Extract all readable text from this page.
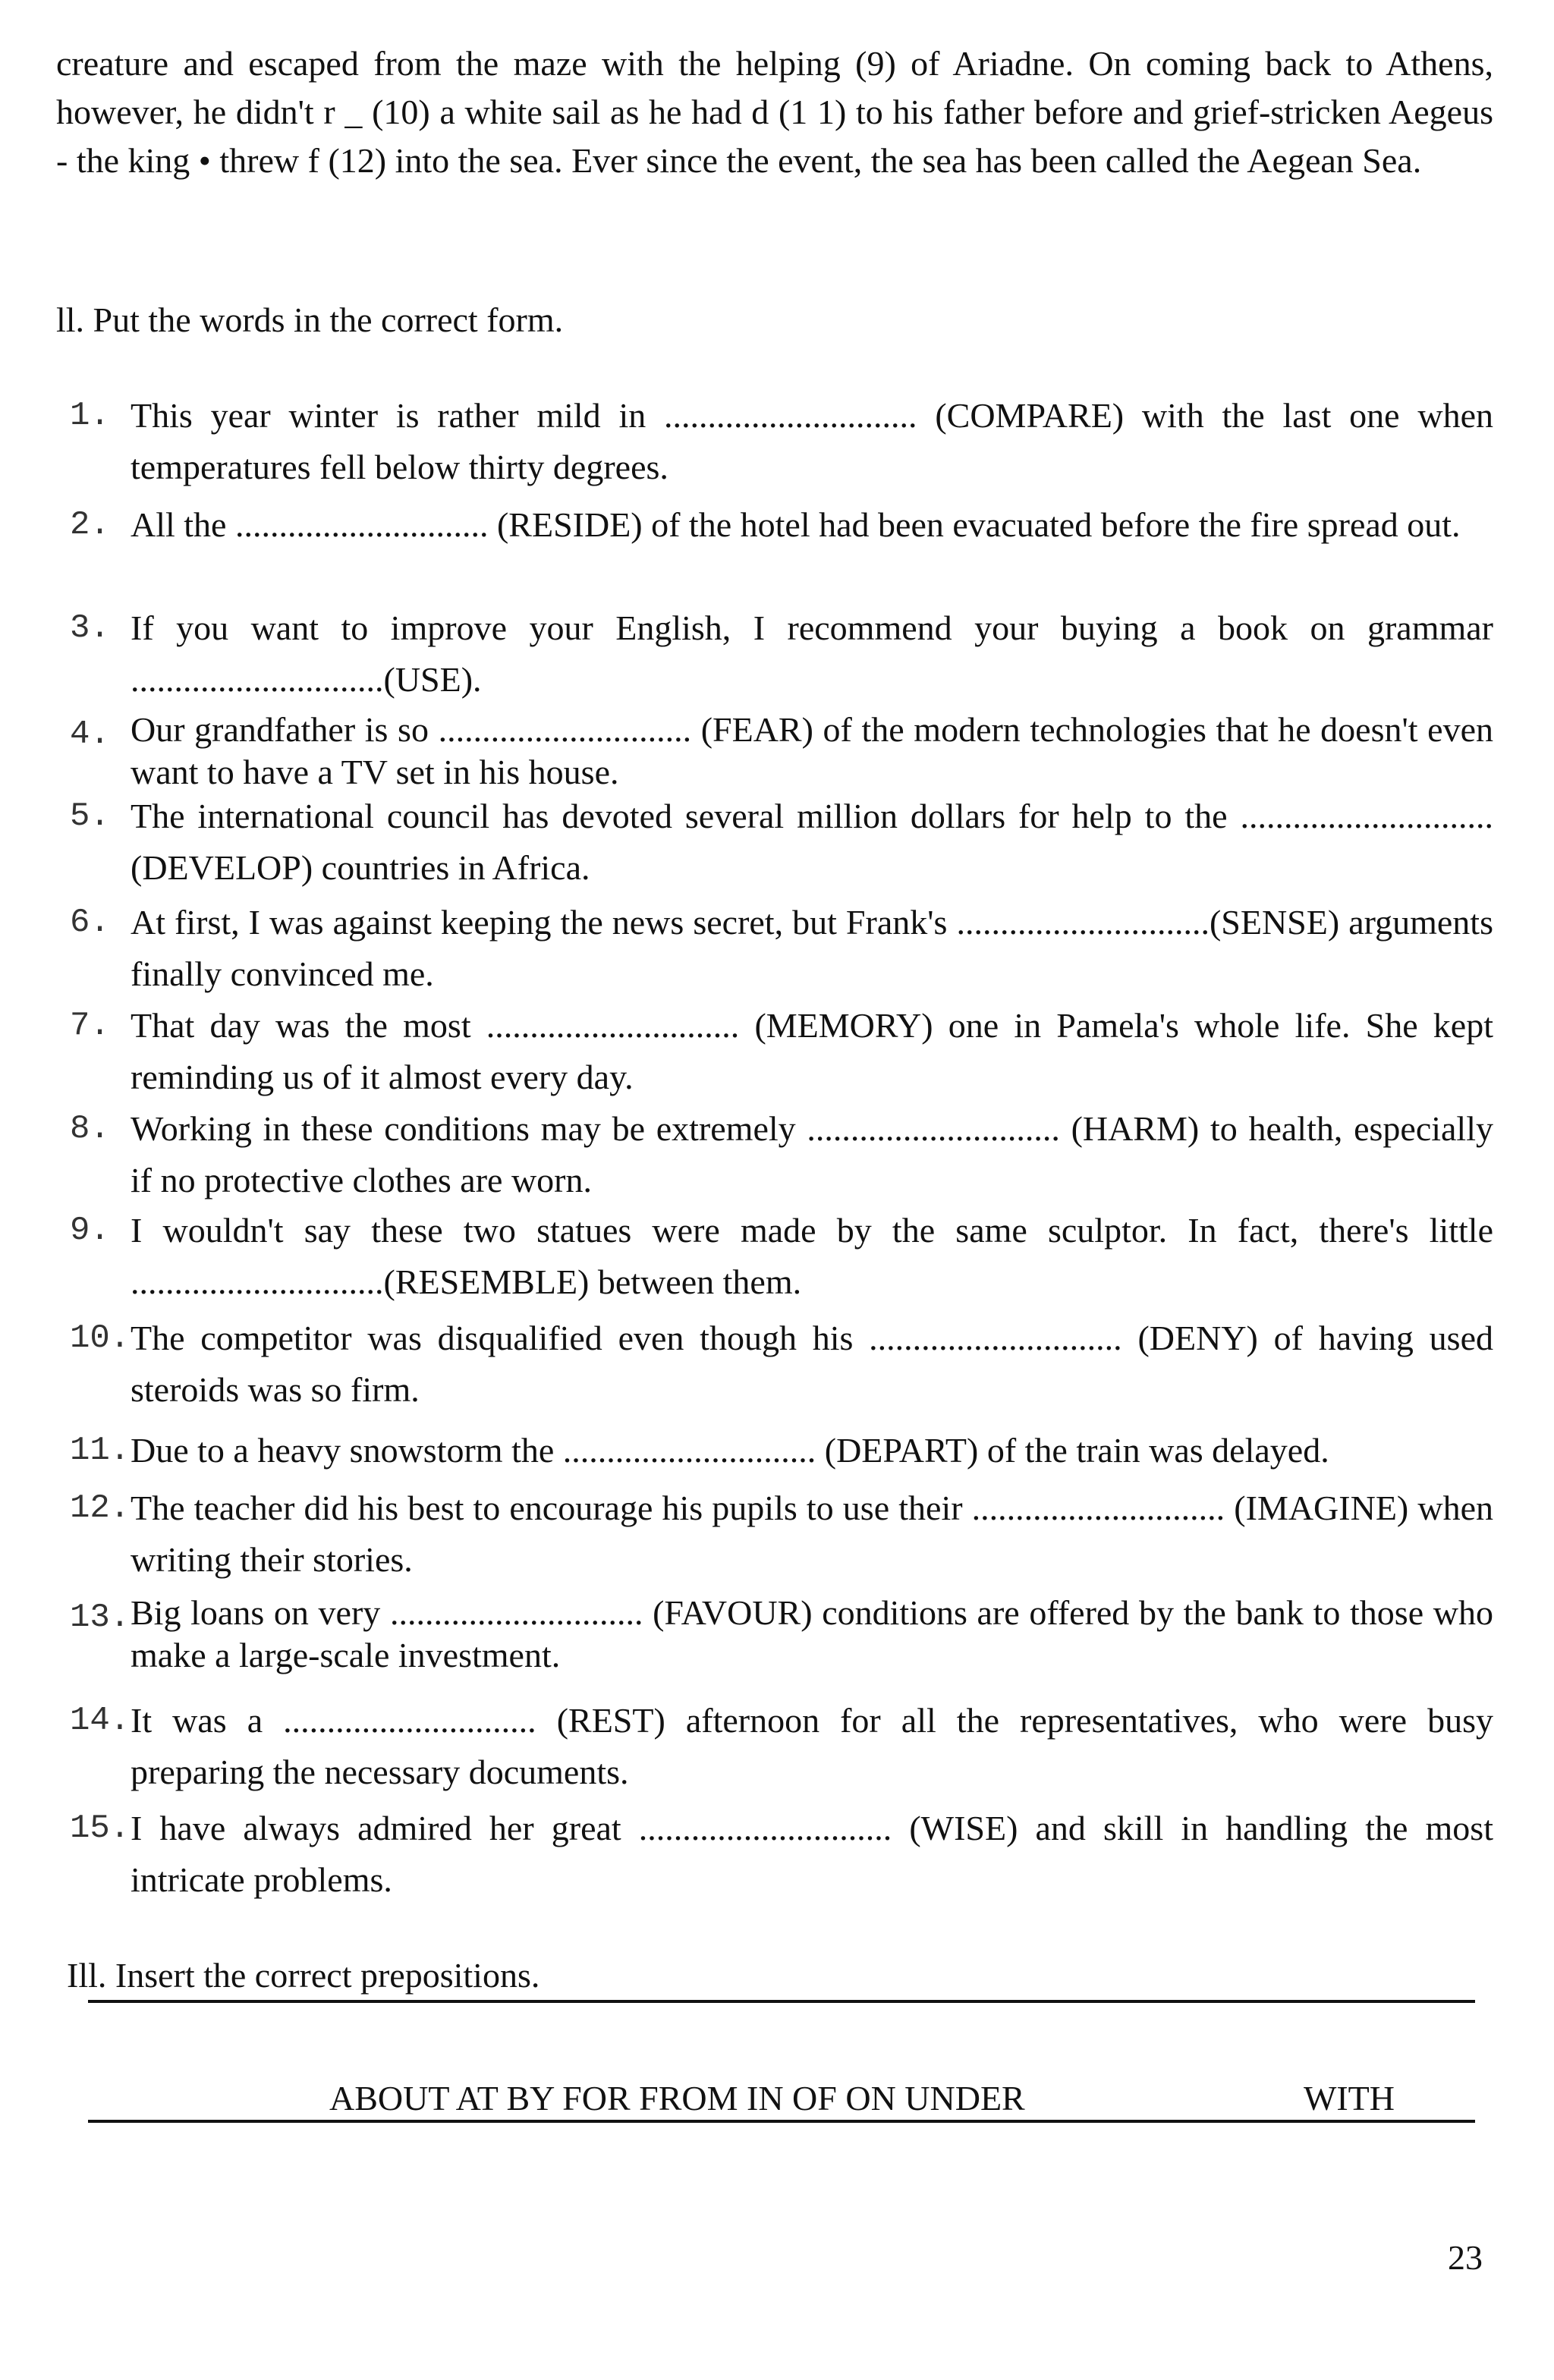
creature and escaped from the maze with the helping (9) of Ariadne. On coming back to Athens, however, he didn't r _ (10) a white sail as he had d (1 1) to his father before and grief-stricken Aegeus - the king • threw f (12) into the sea. Ever since the event, the sea has been called the Aegean Sea.

ll. Put the words in the correct form.

1. This year winter is rather mild in ............................. (COMPARE) with the last one when temperatures fell below thirty degrees.
2. All the ............................. (RESIDE) of the hotel had been evacuated before the fire spread out.
3. If you want to improve your English, I recommend your buying a book on grammar .............................(USE).
4. Our grandfather is so ............................. (FEAR) of the modern technologies that he doesn't even want to have a TV set in his house.
5. The international council has devoted several million dollars for help to the .............................(DEVELOP) countries in Africa.
6. At first, I was against keeping the news secret, but Frank's .............................(SENSE) arguments finally convinced me.
7. That day was the most ............................. (MEMORY) one in Pamela's whole life. She kept reminding us of it almost every day.
8. Working in these conditions may be extremely ............................. (HARM) to health, especially if no protective clothes are worn.
9. I wouldn't say these two statues were made by the same sculptor. In fact, there's little .............................(RESEMBLE) between them.
10. The competitor was disqualified even though his ............................. (DENY) of having used steroids was so firm.
11. Due to a heavy snowstorm the ............................. (DEPART) of the train was delayed.
12. The teacher did his best to encourage his pupils to use their ............................. (IMAGINE) when writing their stories.
13. Big loans on very ............................. (FAVOUR) conditions are offered by the bank to those who make a large-scale investment.
14. It was a ............................. (REST) afternoon for all the representatives, who were busy preparing the necessary documents.
15. I have always admired her great ............................. (WISE) and skill in handling the most intricate problems.
Ill. Insert the correct prepositions.
ABOUT AT BY FOR FROM IN OF ON UNDER	WITH
23
